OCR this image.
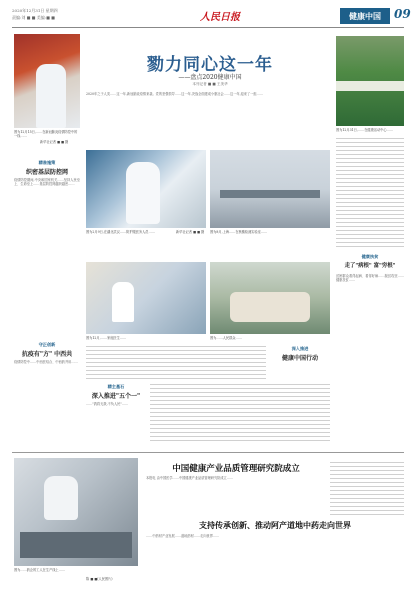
2020年12月31日 星期四
责编:刘 ■ ■ 美编:■ ■	人民日报	健康中国	09
图为12月15日,……在新冠肺炎疫情防控中的一线……
新华社记者 ■ ■ 摄
勠力同心这一年
——盘点2020健康中国
本刊记者 ■ ■ 王美华
2020年之于人类……这一年,新冠肺炎疫情来袭。党的坚强领导……这一年,决战全面建成小康社会……这一年,迎来了一组……
图为12月31日,……在健康活动中心……
精准施策
织密基层防控网
疫情防控期间,中央和国家机关……坚持人民至上、生命至上……基层防控网越织越密……
守正创新
抗疫有"方" 中西共
疫情防控中……中西医结合、中西药并用……
图为2月9日,在湖北武汉……防护服医务人员……	新华社记者 ■ ■ 摄	图为8月,上海……在核酸检测实验室……
图为12月,……家庭医生……	图为……人民群众……
深入推进
健康中国行动
精主基石
深入推进"五个一"
……"我将无我,不负人民"……
健康扶贫
走了"病根" 富"穷根"
贫困群众看得起病、看得好病……脱贫攻坚……健康扶贫……
图为……药企的工人在生产线上……
陈 ■ ■(人民图片)
中国健康产业品质管理研究院成立
本报电 由中国医学……中国健康产业品质管理研究院成立……
支持传承创新、推动阿产道地中药走向世界
……中药材产业发展……道地药材……走向世界……
